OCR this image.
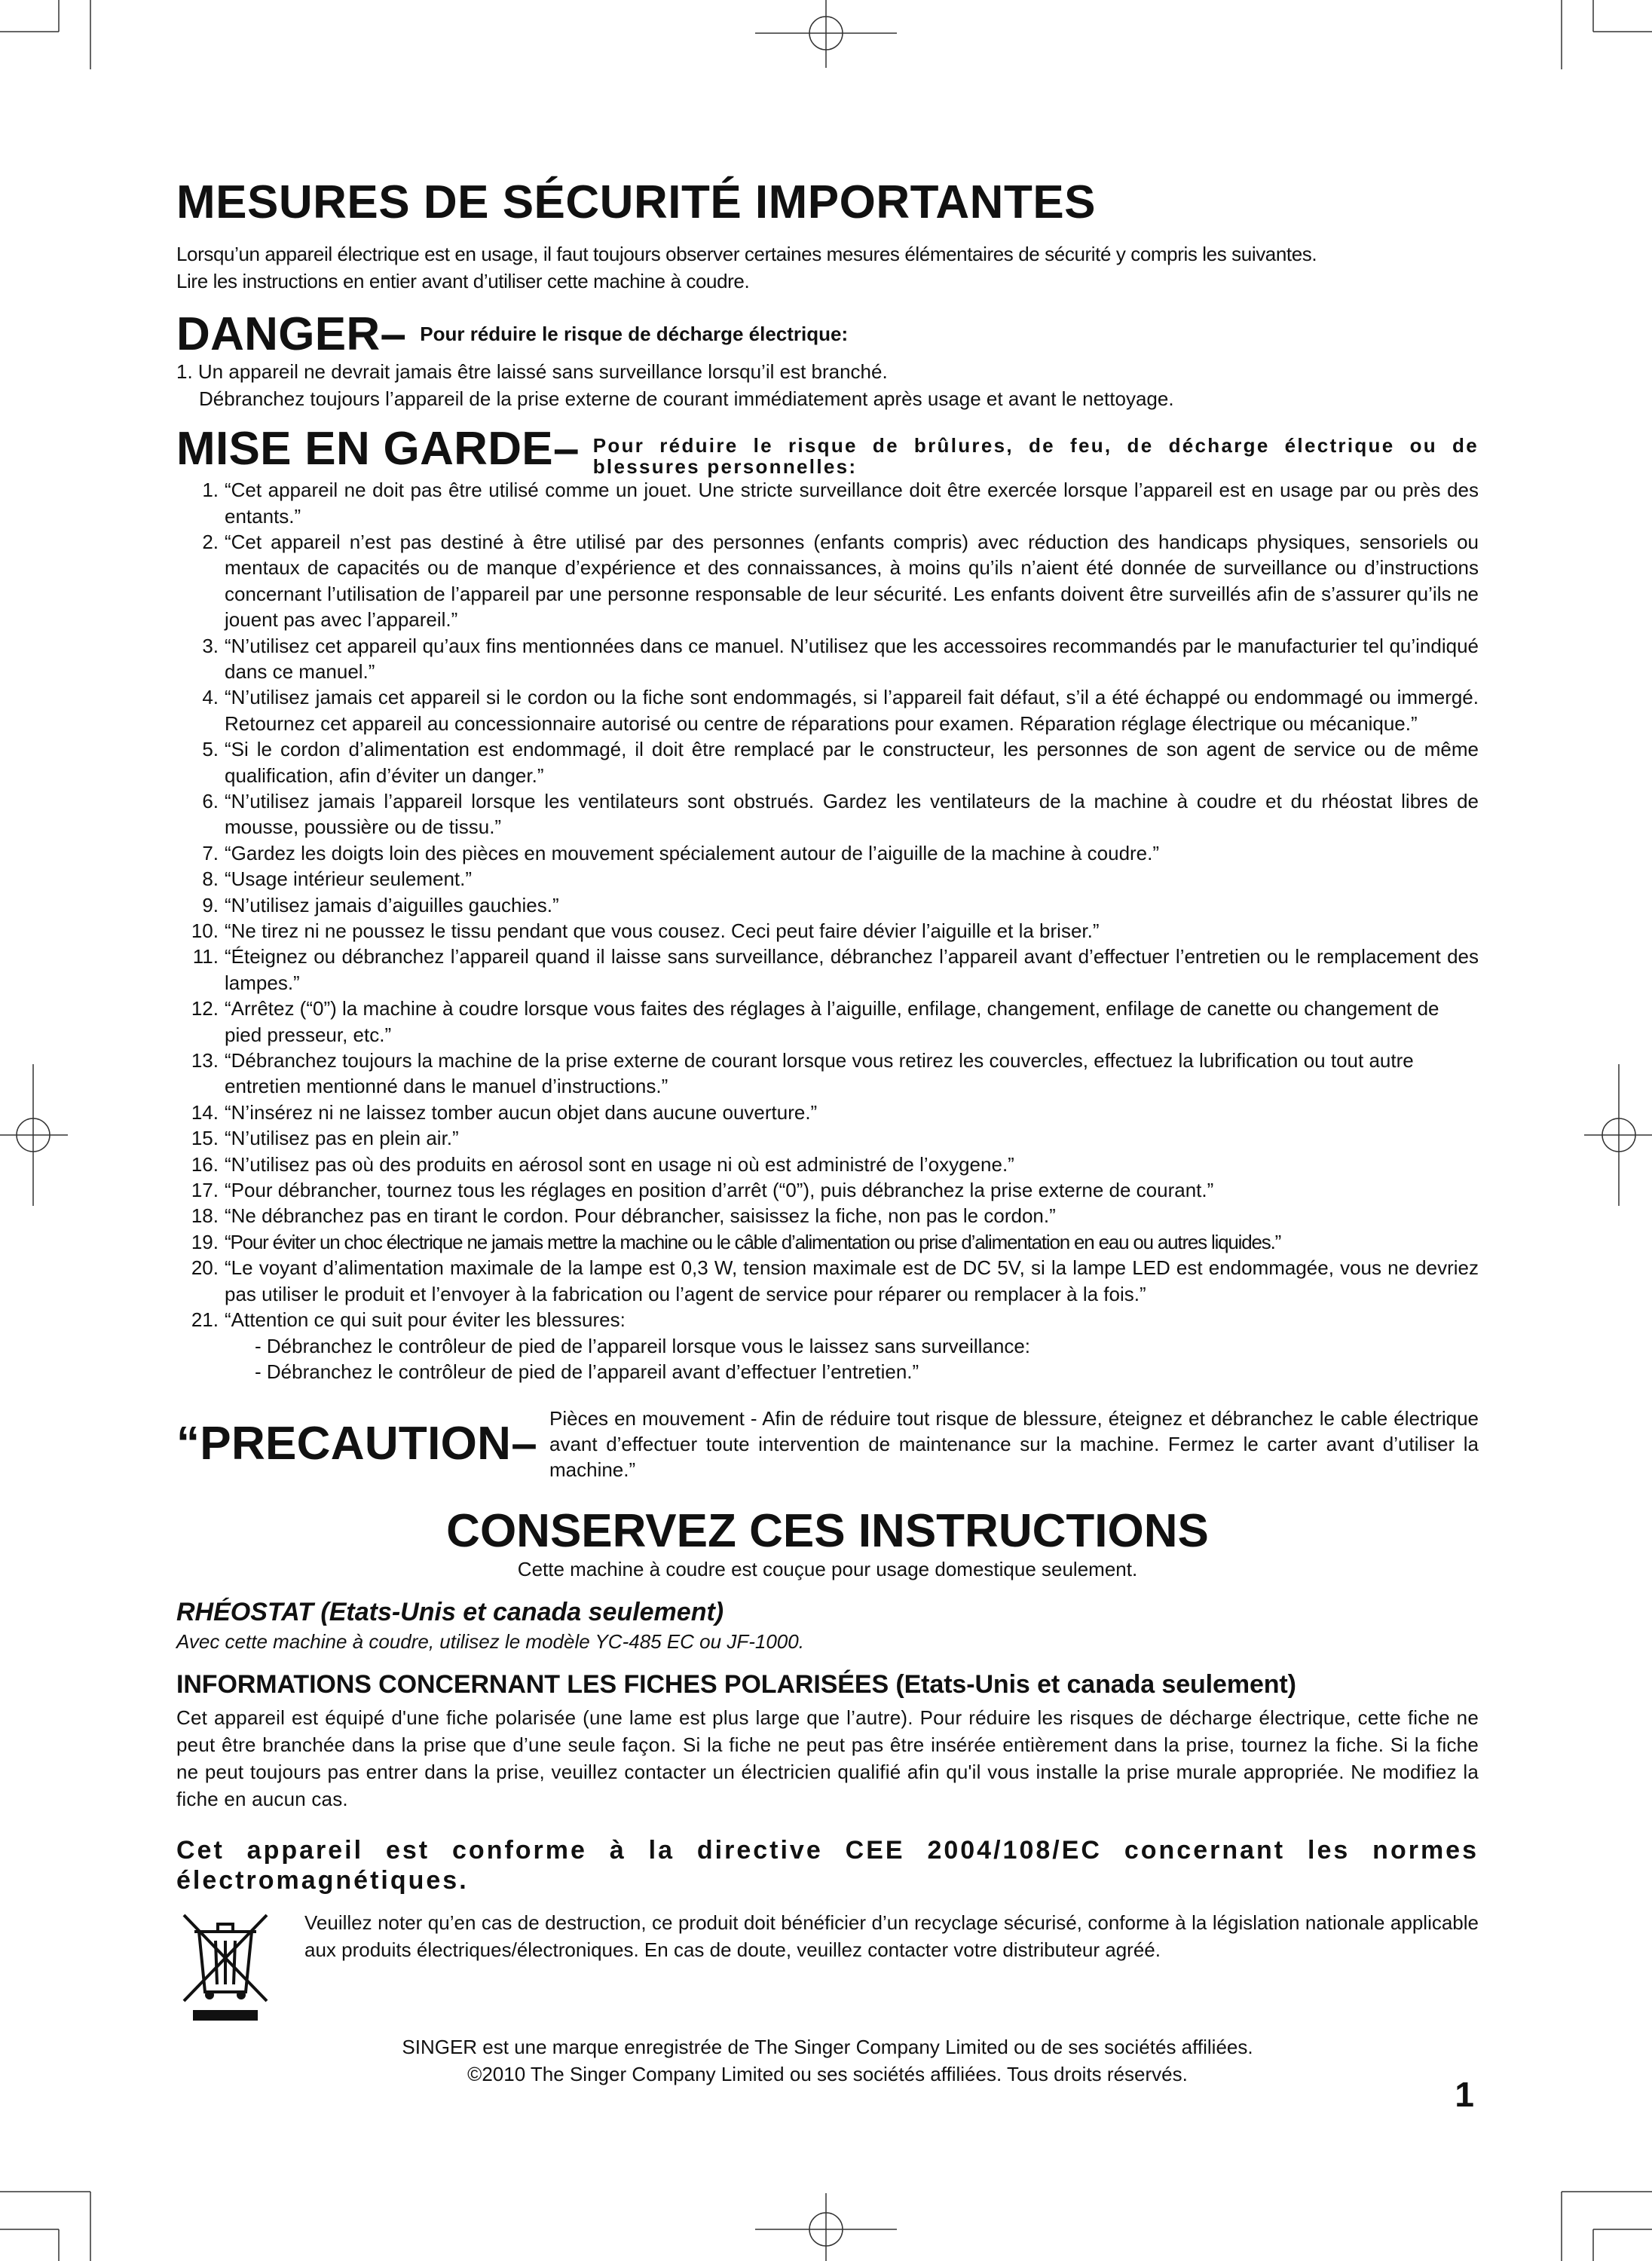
MESURES DE SÉCURITÉ IMPORTANTES
Lorsqu’un appareil électrique est en usage, il faut toujours observer certaines mesures élémentaires de sécurité y compris les suivantes.
Lire les instructions en entier avant d’utiliser cette machine à coudre.
DANGER– Pour réduire le risque de décharge électrique:
1. Un appareil ne devrait jamais être laissé sans surveillance lorsqu’il est branché.
Débranchez toujours l’appareil de la prise externe de courant immédiatement après usage et avant le nettoyage.
MISE EN GARDE– Pour réduire le risque de brûlures, de feu, de décharge électrique ou de blessures personnelles:
1. “Cet appareil ne doit pas être utilisé comme un jouet. Une stricte surveillance doit être exercée lorsque l’appareil est en usage par ou près des entants.”
2. “Cet appareil n’est pas destiné à être utilisé par des personnes (enfants compris) avec réduction des handicaps physiques, sensoriels ou mentaux de capacités ou de manque d’expérience et des connaissances, à moins qu’ils n’aient été donnée de surveillance ou d’instructions concernant l’utilisation de l’appareil par une personne responsable de leur sécurité. Les enfants doivent être surveillés afin de s’assurer qu’ils ne jouent pas avec l’appareil.”
3. “N’utilisez cet appareil qu’aux fins mentionnées dans ce manuel. N’utilisez que les accessoires recommandés par le manufacturier tel qu’indiqué dans ce manuel.”
4. “N’utilisez jamais cet appareil si le cordon ou la fiche sont endommagés, si l’appareil fait défaut, s’il a été échappé ou endommagé ou immergé. Retournez cet appareil au concessionnaire autorisé ou centre de réparations pour examen. Réparation réglage électrique ou mécanique.”
5. “Si le cordon d’alimentation est endommagé, il doit être remplacé par le constructeur, les personnes de son agent de service ou de même qualification, afin d’éviter un danger.”
6. “N’utilisez jamais l’appareil lorsque les ventilateurs sont obstrués. Gardez les ventilateurs de la machine à coudre et du rhéostat libres de mousse, poussière ou de tissu.”
7. “Gardez les doigts loin des pièces en mouvement spécialement autour de l’aiguille de la machine à coudre.”
8. “Usage intérieur seulement.”
9. “N’utilisez jamais d’aiguilles gauchies.”
10. “Ne tirez ni ne poussez le tissu pendant que vous cousez. Ceci peut faire dévier l’aiguille et la briser.”
11. “Éteignez ou débranchez l’appareil quand il laisse sans surveillance, débranchez l’appareil avant d’effectuer l’entretien ou le remplacement des lampes.”
12. “Arrêtez (“0”) la machine à coudre lorsque vous faites des réglages à l’aiguille, enfilage, changement, enfilage de canette ou changement de pied presseur, etc.”
13. “Débranchez toujours la machine de la prise externe de courant lorsque vous retirez les couvercles, effectuez la lubrification ou tout autre entretien mentionné dans le manuel d’instructions.”
14. “N’insérez ni ne laissez tomber aucun objet dans aucune ouverture.”
15. “N’utilisez pas en plein air.”
16. “N’utilisez pas où des produits en aérosol sont en usage ni où est administré de l’oxygene.”
17. “Pour débrancher, tournez tous les réglages en position d’arrêt (“0”), puis débranchez la prise externe de courant.”
18. “Ne débranchez pas en tirant le cordon. Pour débrancher, saisissez la fiche, non pas le cordon.”
19. “Pour éviter un choc électrique ne jamais mettre la machine ou le câble d’alimentation ou prise d’alimentation en eau ou autres liquides.”
20. “Le voyant d’alimentation maximale de la lampe est 0,3 W, tension maximale est de DC 5V, si la lampe LED est endommagée, vous ne devriez pas utiliser le produit et l’envoyer à la fabrication ou l’agent de service pour réparer ou remplacer à la fois.”
21. “Attention ce qui suit pour éviter les blessures:
- Débranchez le contrôleur de pied de l’appareil lorsque vous le laissez sans surveillance:
- Débranchez le contrôleur de pied de l’appareil avant d’effectuer l’entretien.”
“PRECAUTION– Pièces en mouvement - Afin de réduire tout risque de blessure, éteignez et débranchez le cable électrique avant d’effectuer toute intervention de maintenance sur la machine. Fermez le carter avant d’utiliser la machine.”
CONSERVEZ CES INSTRUCTIONS
Cette machine à coudre est couçue pour usage domestique seulement.
RHÉOSTAT (Etats-Unis et canada seulement)
Avec cette machine à coudre, utilisez le modèle YC-485 EC ou JF-1000.
INFORMATIONS CONCERNANT LES FICHES POLARISÉES (Etats-Unis et canada seulement)
Cet appareil est équipé d'une fiche polarisée (une lame est plus large que l’autre). Pour réduire les risques de décharge électrique, cette fiche ne peut être branchée dans la prise que d’une seule façon. Si la fiche ne peut pas être insérée entièrement dans la prise, tournez la fiche. Si la fiche ne peut toujours pas entrer dans la prise, veuillez contacter un électricien qualifié afin qu'il vous installe la prise murale appropriée. Ne modifiez la fiche en aucun cas.
Cet appareil est conforme à la directive CEE 2004/108/EC concernant les normes électromagnétiques.
Veuillez noter qu’en cas de destruction, ce produit doit bénéficier d’un recyclage sécurisé, conforme à la législation nationale applicable aux produits électriques/électroniques. En cas de doute, veuillez contacter votre distributeur agréé.
SINGER est une marque enregistrée de The Singer Company Limited ou de ses sociétés affiliées.
©2010 The Singer Company Limited ou ses sociétés affiliées. Tous droits réservés.
1
